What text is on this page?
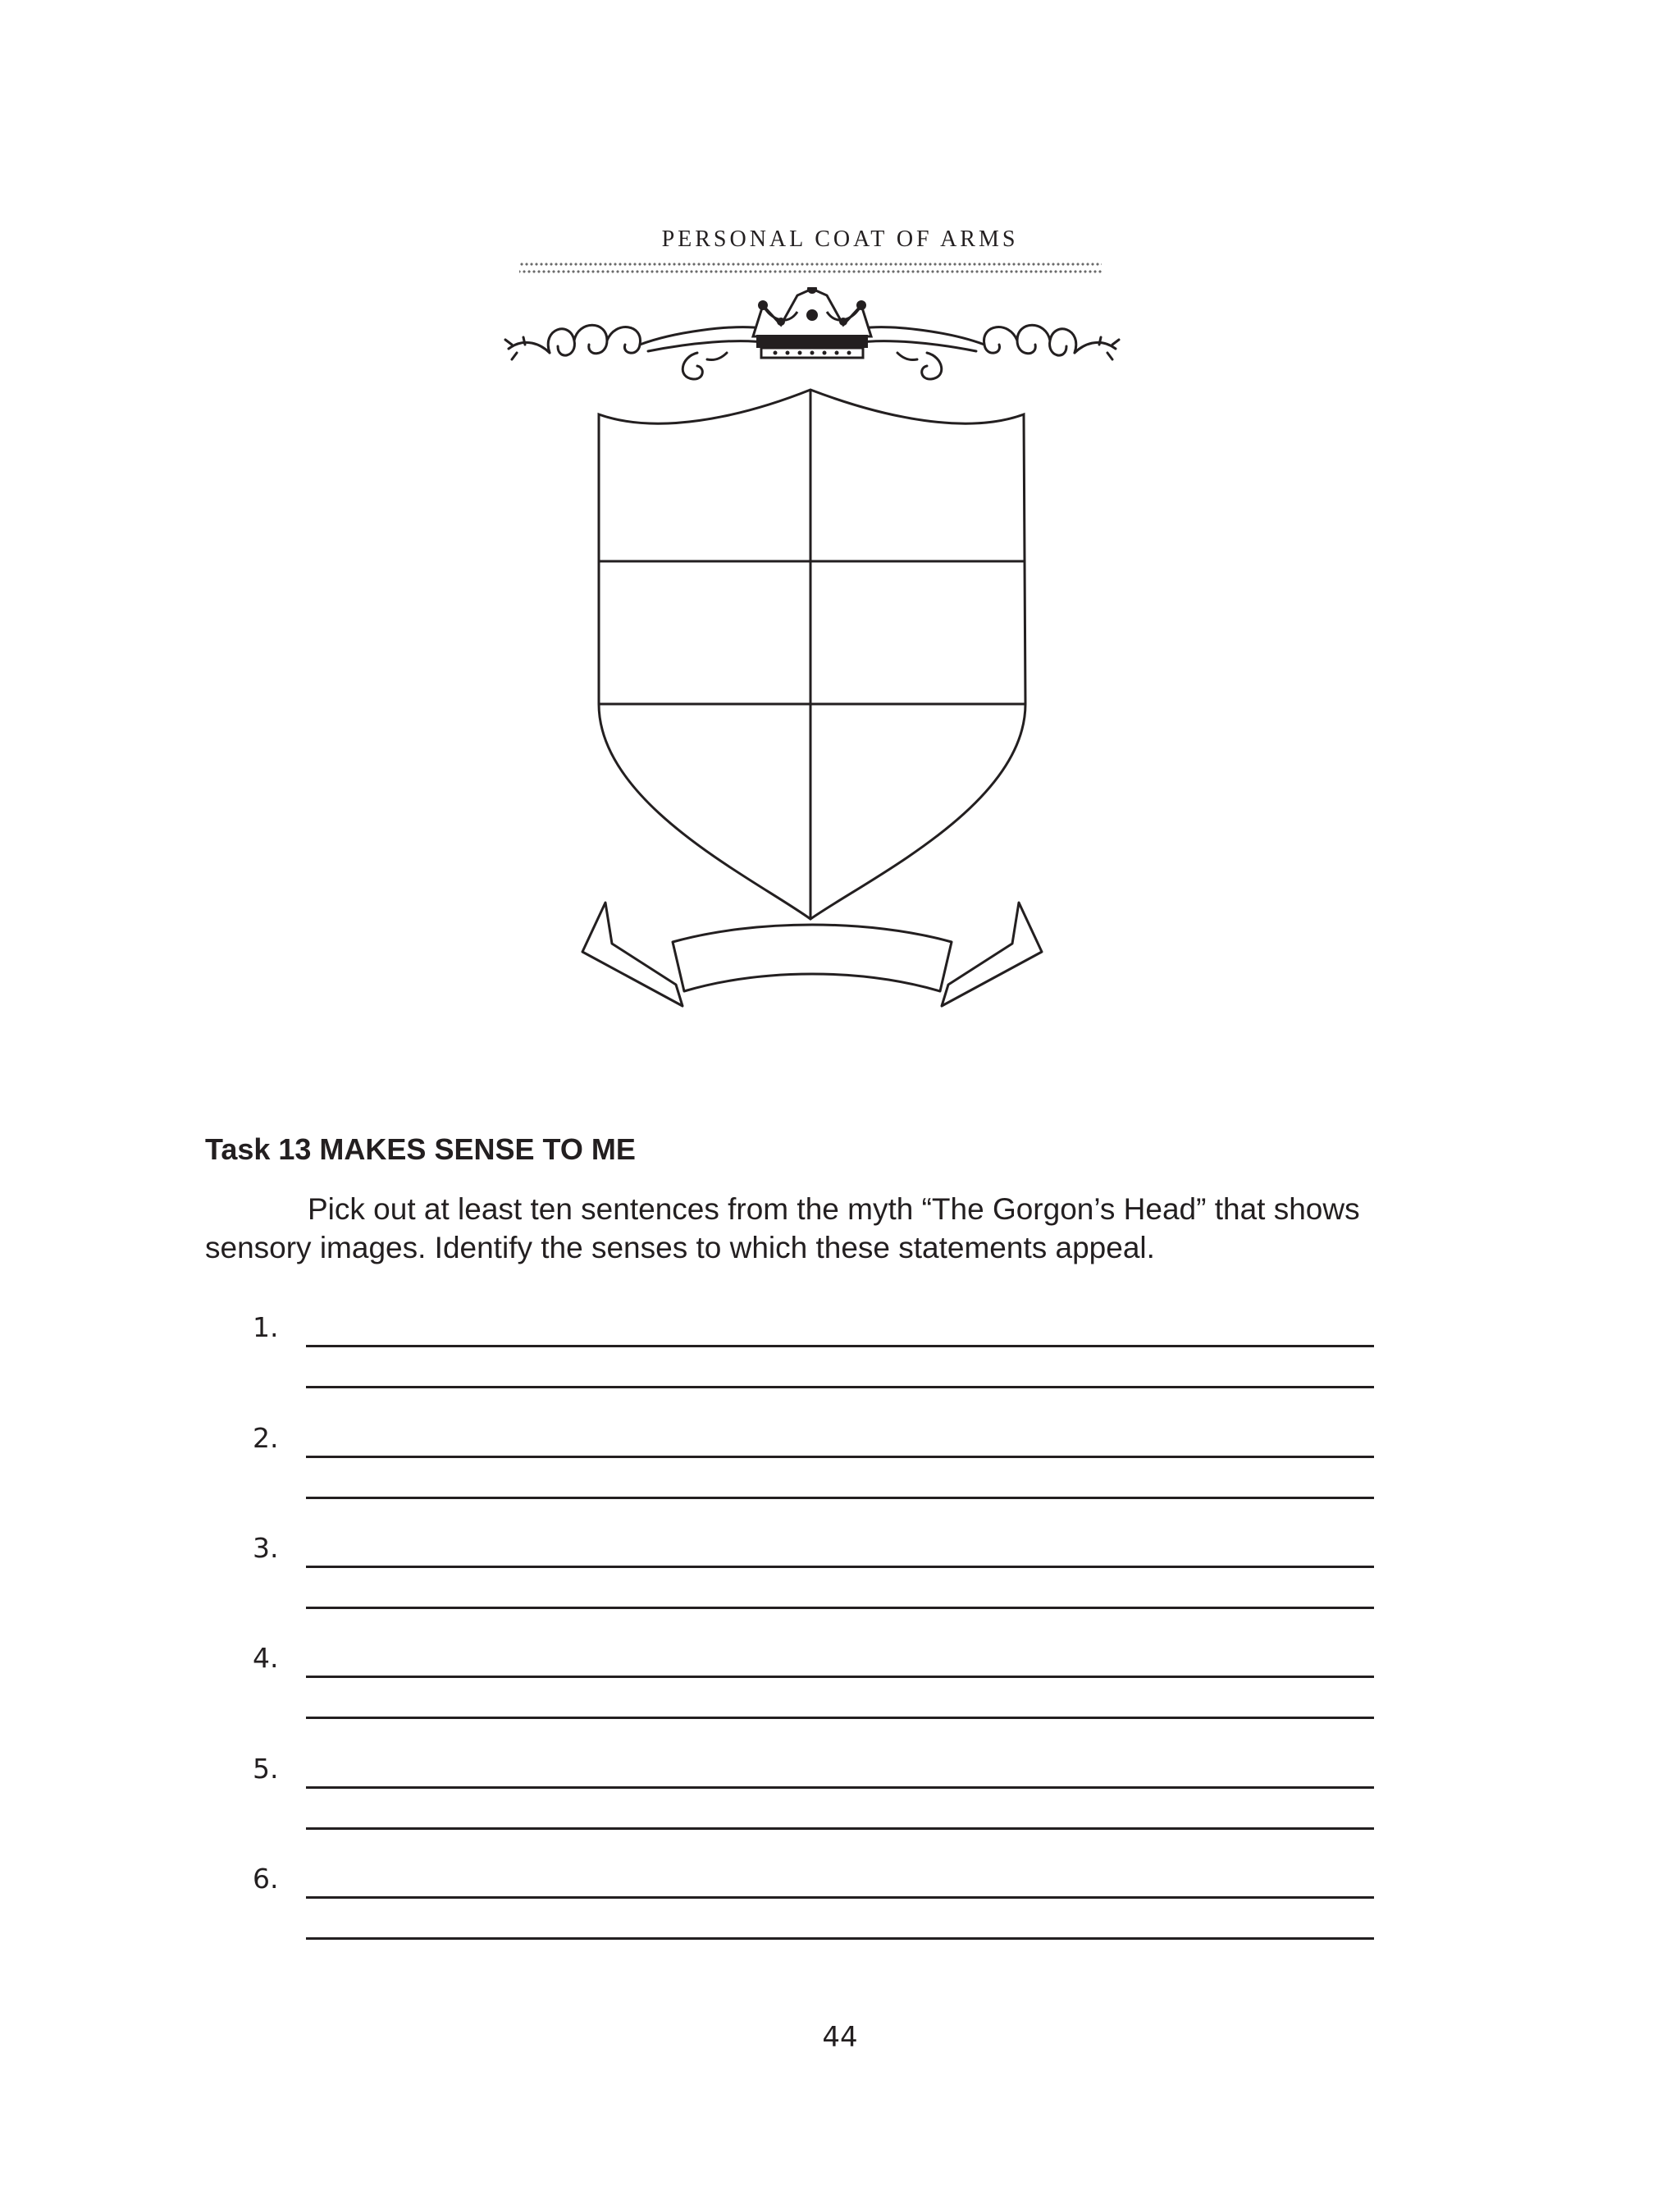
PERSONAL COAT OF ARMS
Task 13 MAKES SENSE TO ME
Pick out at least ten sentences from the myth “The Gorgon’s Head” that shows sensory images. Identify the senses to which these statements appeal.
1.
2.
3.
4.
5.
6.
44
